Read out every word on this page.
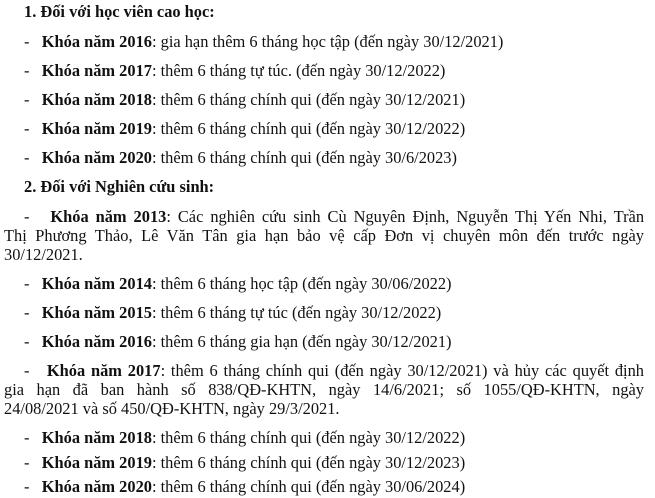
1. Đối với học viên cao học:
- Khóa năm 2016: gia hạn thêm 6 tháng học tập (đến ngày 30/12/2021)
- Khóa năm 2017: thêm 6 tháng tự túc. (đến ngày 30/12/2022)
- Khóa năm 2018: thêm 6 tháng chính qui (đến ngày 30/12/2021)
- Khóa năm 2019: thêm 6 tháng chính qui (đến ngày 30/12/2022)
- Khóa năm 2020: thêm 6 tháng chính qui (đến ngày 30/6/2023)
2. Đối với Nghiên cứu sinh:
- Khóa năm 2013: Các nghiên cứu sinh Cù Nguyên Định, Nguyễn Thị Yến Nhi, Trần
Thị Phương Thảo, Lê Văn Tân gia hạn bảo vệ cấp Đơn vị chuyên môn đến trước ngày
30/12/2021.
- Khóa năm 2014: thêm 6 tháng học tập (đến ngày 30/06/2022)
- Khóa năm 2015: thêm 6 tháng tự túc (đến ngày 30/12/2022)
- Khóa năm 2016: thêm 6 tháng gia hạn (đến ngày 30/12/2021)
- Khóa năm 2017: thêm 6 tháng chính qui (đến ngày 30/12/2021) và hủy các quyết định
gia hạn đã ban hành số 838/QĐ-KHTN, ngày 14/6/2021; số 1055/QĐ-KHTN, ngày
24/08/2021 và số 450/QĐ-KHTN, ngày 29/3/2021.
- Khóa năm 2018: thêm 6 tháng chính qui (đến ngày 30/12/2022)
- Khóa năm 2019: thêm 6 tháng chính qui (đến ngày 30/12/2023)
- Khóa năm 2020: thêm 6 tháng chính qui (đến ngày 30/06/2024)
